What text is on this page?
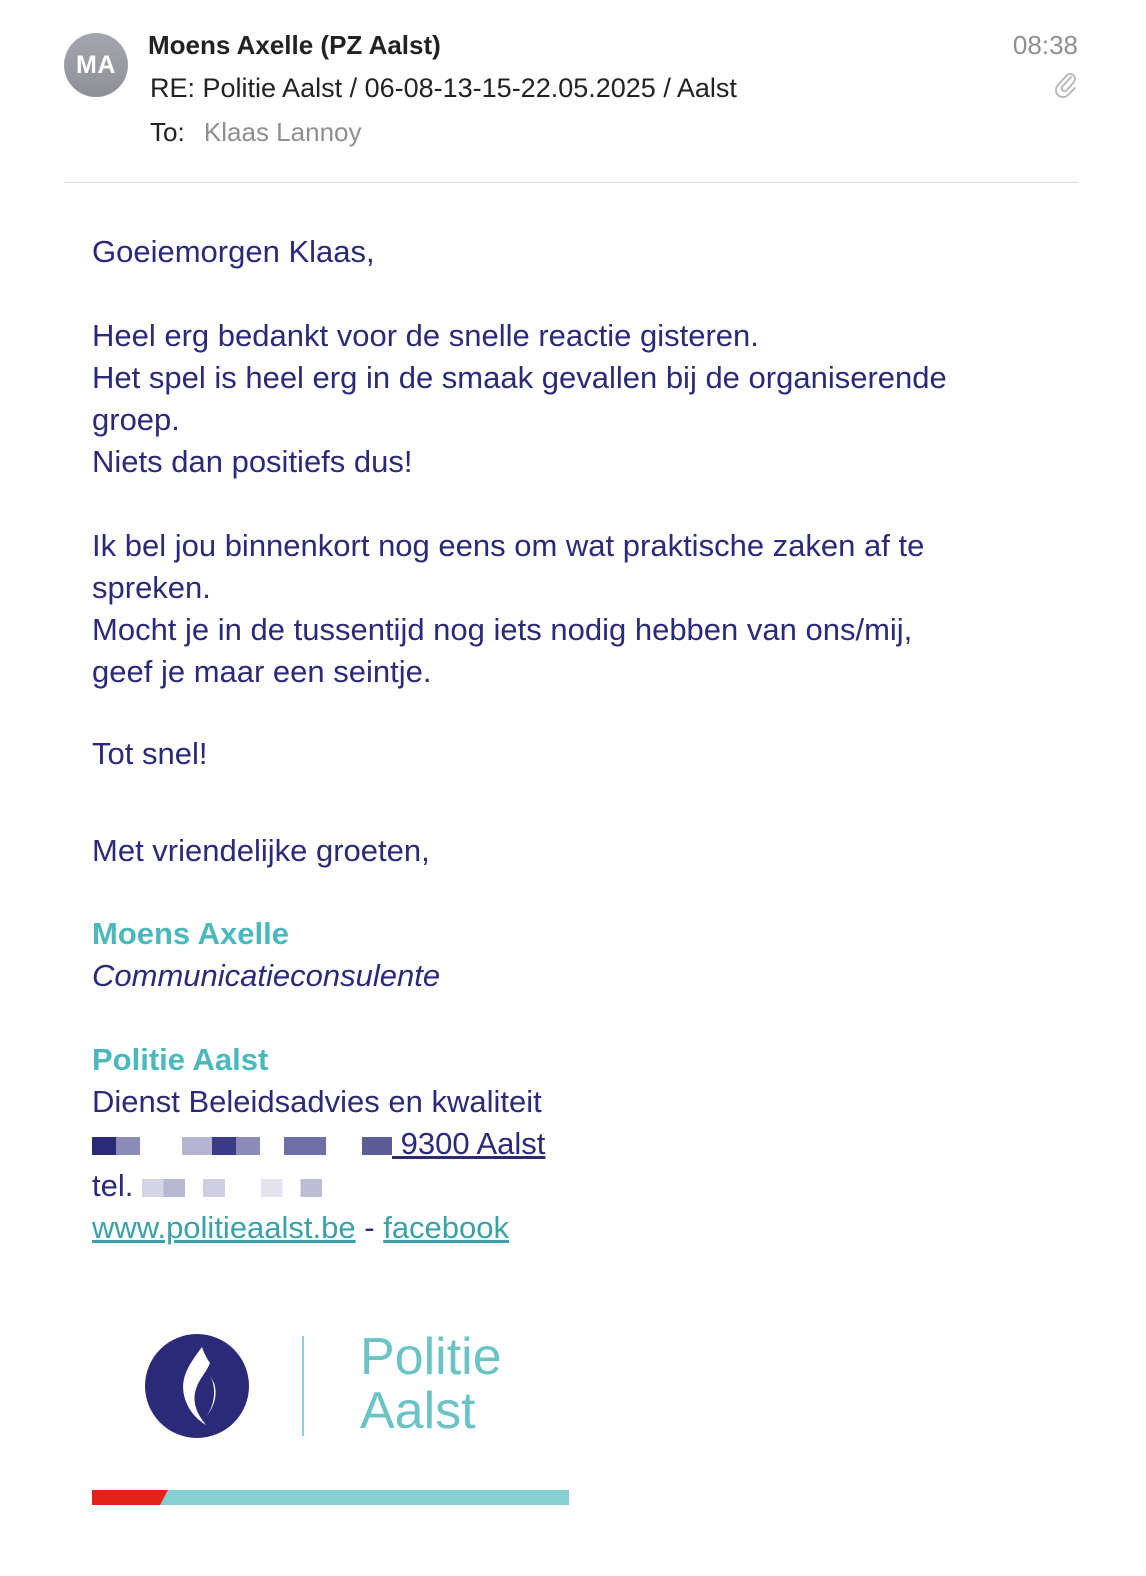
MA
Moens Axelle (PZ Aalst)	08:38
RE: Politie Aalst / 06-08-13-15-22.05.2025 / Aalst
To: Klaas Lannoy
Goeiemorgen Klaas,
Heel erg bedankt voor de snelle reactie gisteren.
Het spel is heel erg in de smaak gevallen bij de organiserende
groep.
Niets dan positiefs dus!
Ik bel jou binnenkort nog eens om wat praktische zaken af te
spreken.
Mocht je in de tussentijd nog iets nodig hebben van ons/mij,
geef je maar een seintje.
Tot snel!
Met vriendelijke groeten,
Moens Axelle
Communicatieconsulente
Politie Aalst
Dienst Beleidsadvies en kwaliteit
9300 Aalst
tel.
www.politieaalst.be - facebook
Politie
Aalst
